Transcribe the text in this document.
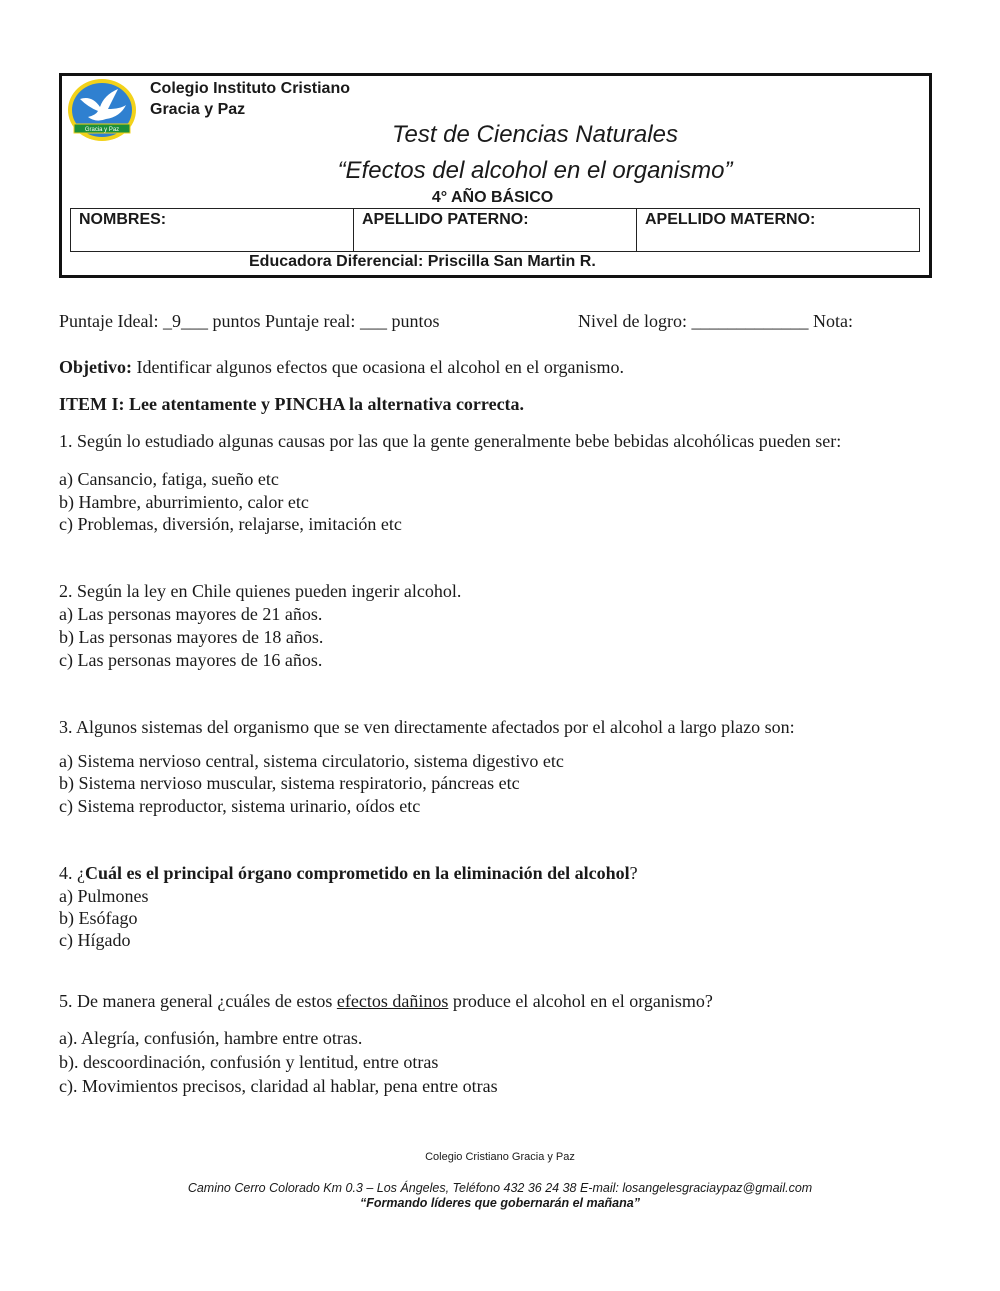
Gracia y Paz
Colegio Instituto Cristiano
Gracia y Paz
Test de Ciencias Naturales
“Efectos del alcohol en el organismo”
4° AÑO BÁSICO
NOMBRES:	APELLIDO PATERNO:	APELLIDO MATERNO:
Educadora Diferencial: Priscilla San Martin R.
Puntaje Ideal: _9___ puntos Puntaje real: ___ puntos	Nivel de logro: _____________ Nota:
Objetivo: Identificar algunos efectos que ocasiona el alcohol en el organismo.
ITEM I: Lee atentamente y PINCHA la alternativa correcta.
1. Según lo estudiado algunas causas por las que la gente generalmente bebe bebidas alcohólicas pueden ser:
a) Cansancio, fatiga, sueño etc
b) Hambre, aburrimiento, calor etc
c) Problemas, diversión, relajarse, imitación etc
2. Según la ley en Chile quienes pueden ingerir alcohol.
a) Las personas mayores de 21 años.
b) Las personas mayores de 18 años.
c) Las personas mayores de 16 años.
3. Algunos sistemas del organismo que se ven directamente afectados por el alcohol a largo plazo son:
a) Sistema nervioso central, sistema circulatorio, sistema digestivo etc
b) Sistema nervioso muscular, sistema respiratorio, páncreas etc
c) Sistema reproductor, sistema urinario, oídos etc
4. ¿Cuál es el principal órgano comprometido en la eliminación del alcohol?
a) Pulmones
b) Esófago
c) Hígado
5. De manera general ¿cuáles de estos efectos dañinos produce el alcohol en el organismo?
a). Alegría, confusión, hambre entre otras.
b). descoordinación, confusión y lentitud, entre otras
c). Movimientos precisos, claridad al hablar, pena entre otras
Colegio Cristiano Gracia y Paz
Camino Cerro Colorado Km 0.3 – Los Ángeles, Teléfono 432 36 24 38 E-mail: losangelesgraciaypaz@gmail.com
“Formando líderes que gobernarán el mañana”
